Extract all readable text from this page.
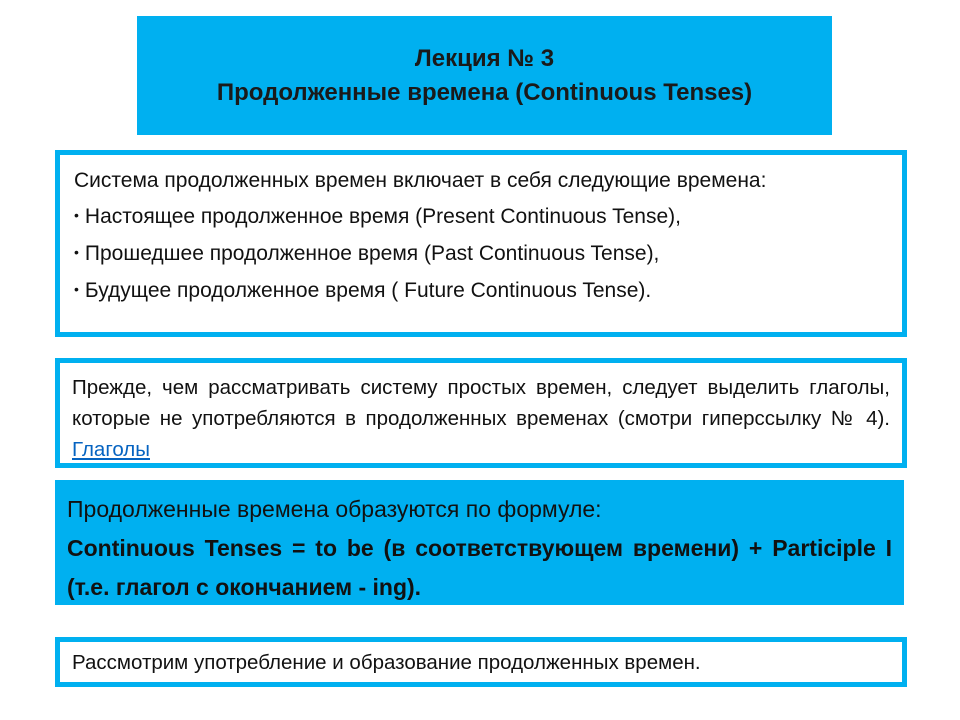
Лекция № 3
Продолженные времена (Continuous Tenses)
Система продолженных времен включает в себя следующие времена:
• Настоящее продолженное время (Present Continuous Tense),
• Прошедшее продолженное время (Past Continuous Tense),
• Будущее продолженное время ( Future Continuous Tense).
Прежде, чем рассматривать систему простых времен, следует выделить глаголы, которые не употребляются в продолженных временах (смотри гиперссылку № 4). Глаголы
Продолженные времена образуются по формуле:
Continuous Tenses = to be (в соответствующем времени) + Participle I (т.е. глагол с окончанием - ing).
Рассмотрим употребление и образование продолженных времен.
